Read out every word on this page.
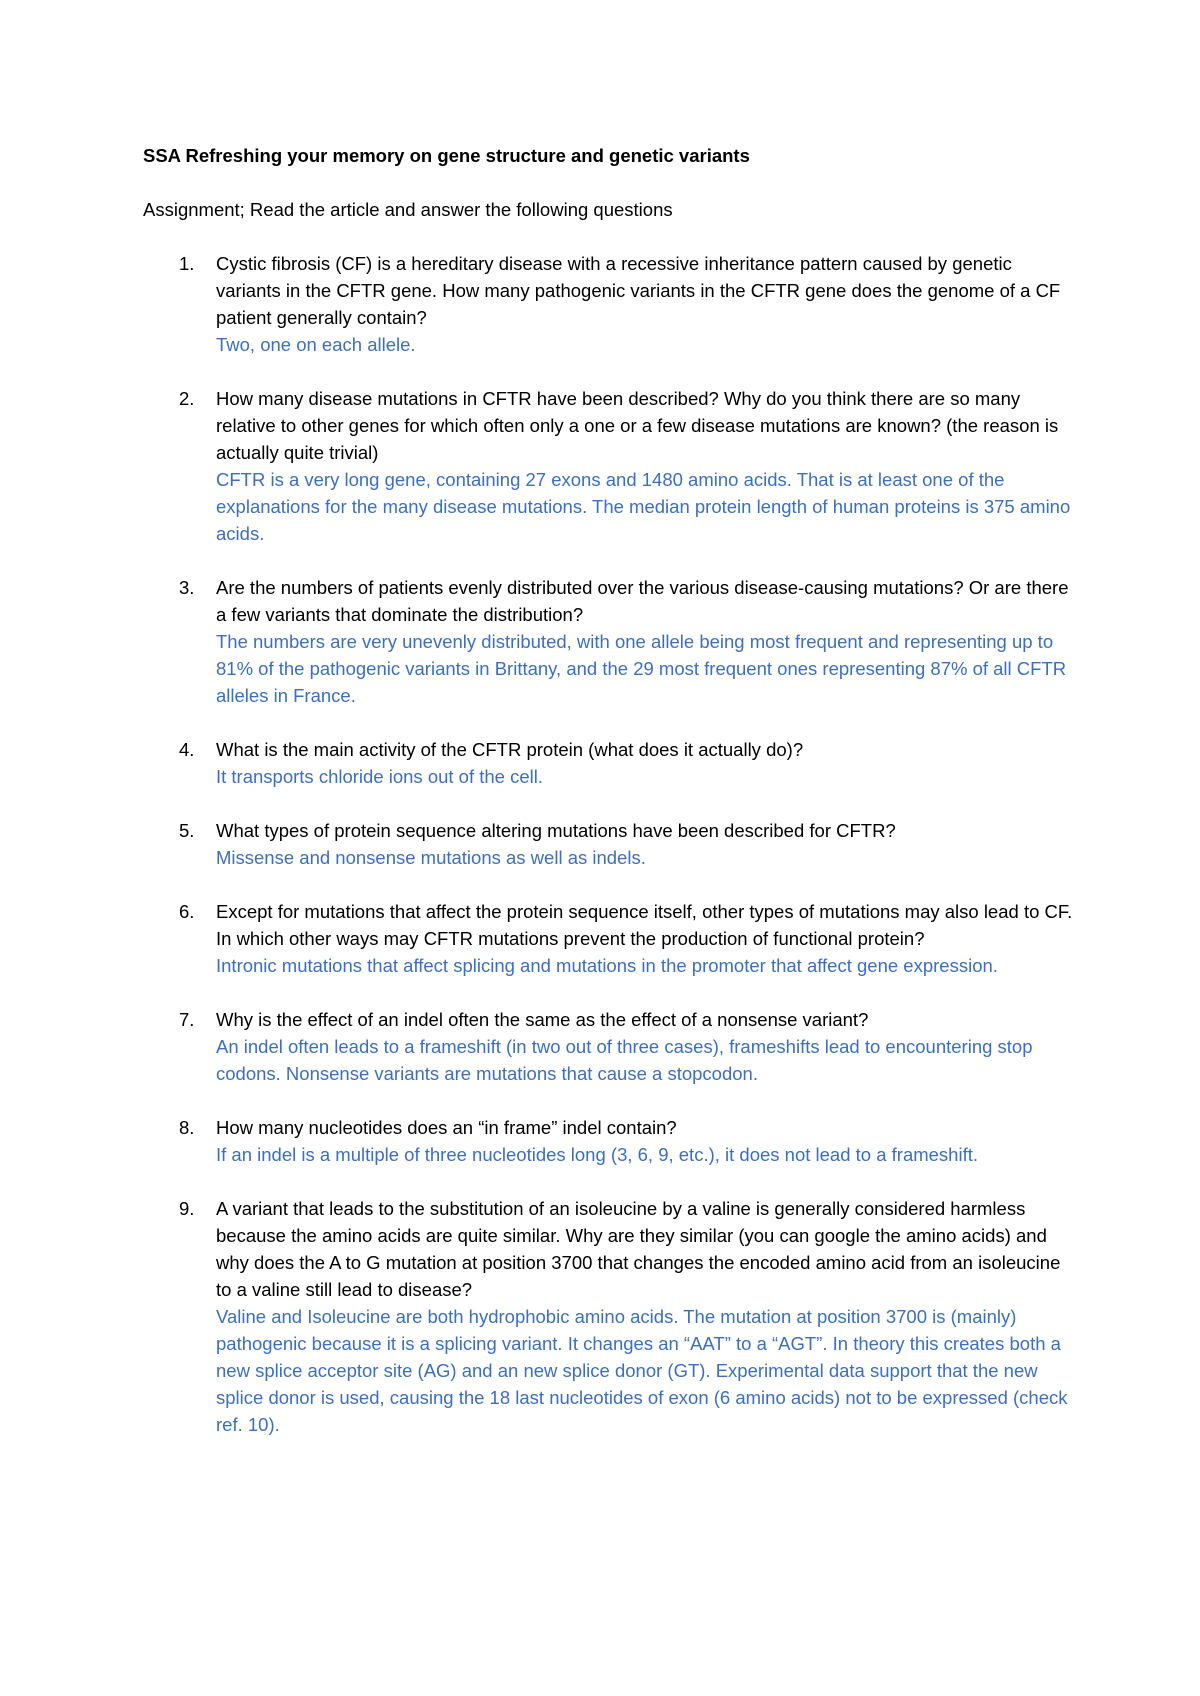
SSA Refreshing your memory on gene structure and genetic variants

Assignment; Read the article and answer the following questions

1. Cystic fibrosis (CF) is a hereditary disease with a recessive inheritance pattern caused by genetic variants in the CFTR gene. How many pathogenic variants in the CFTR gene does the genome of a CF patient generally contain?
Two, one on each allele.
2. How many disease mutations in CFTR have been described? Why do you think there are so many relative to other genes for which often only a one or a few disease mutations are known? (the reason is actually quite trivial)
CFTR is a very long gene, containing 27 exons and 1480 amino acids. That is at least one of the explanations for the many disease mutations. The median protein length of human proteins is 375 amino acids.
3. Are the numbers of patients evenly distributed over the various disease-causing mutations? Or are there a few variants that dominate the distribution?
The numbers are very unevenly distributed, with one allele being most frequent and representing up to 81% of the pathogenic variants in Brittany, and the 29 most frequent ones representing 87% of all CFTR alleles in France.
4. What is the main activity of the CFTR protein (what does it actually do)?
It transports chloride ions out of the cell.
5. What types of protein sequence altering mutations have been described for CFTR?
Missense and nonsense mutations as well as indels.
6. Except for mutations that affect the protein sequence itself, other types of mutations may also lead to CF. In which other ways may CFTR mutations prevent the production of functional protein?
Intronic mutations that affect splicing and mutations in the promoter that affect gene expression.
7. Why is the effect of an indel often the same as the effect of a nonsense variant?
An indel often leads to a frameshift (in two out of three cases), frameshifts lead to encountering stop codons. Nonsense variants are mutations that cause a stopcodon.
8. How many nucleotides does an “in frame” indel contain?
If an indel is a multiple of three nucleotides long (3, 6, 9, etc.), it does not lead to a frameshift.
9. A variant that leads to the substitution of an isoleucine by a valine is generally considered harmless because the amino acids are quite similar. Why are they similar (you can google the amino acids) and why does the A to G mutation at position 3700 that changes the encoded amino acid from an isoleucine to a valine still lead to disease?
Valine and Isoleucine are both hydrophobic amino acids. The mutation at position 3700 is (mainly) pathogenic because it is a splicing variant. It changes an “AAT” to a “AGT”. In theory this creates both a new splice acceptor site (AG) and an new splice donor (GT). Experimental data support that the new splice donor is used, causing the 18 last nucleotides of exon (6 amino acids) not to be expressed (check ref. 10).
